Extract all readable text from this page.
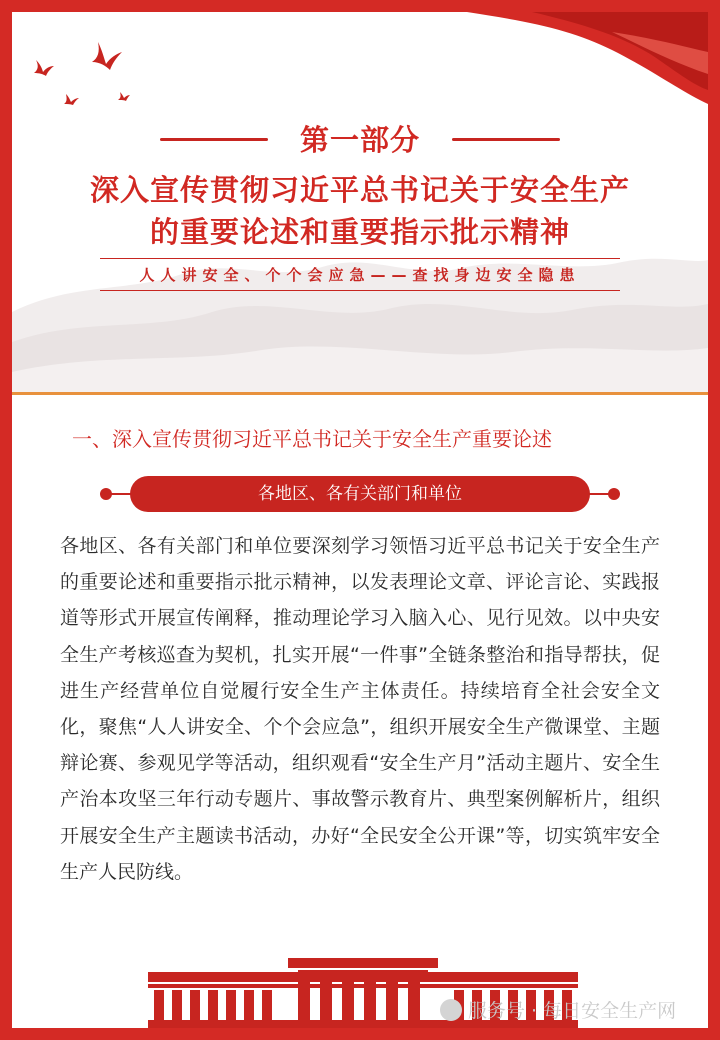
第一部分
深入宣传贯彻习近平总书记关于安全生产
的重要论述和重要指示批示精神
人人讲安全、个个会应急——查找身边安全隐患
一、深入宣传贯彻习近平总书记关于安全生产重要论述
各地区、各有关部门和单位

各地区、各有关部门和单位要深刻学习领悟习近平总书记关于安全生产的重要论述和重要指示批示精神，以发表理论文章、评论言论、实践报道等形式开展宣传阐释，推动理论学习入脑入心、见行见效。以中央安全生产考核巡查为契机，扎实开展“一件事”全链条整治和指导帮扶，促进生产经营单位自觉履行安全生产主体责任。持续培育全社会安全文化，聚焦“人人讲安全、个个会应急”，组织开展安全生产微课堂、主题辩论赛、参观见学等活动，组织观看“安全生产月”活动主题片、安全生产治本攻坚三年行动专题片、事故警示教育片、典型案例解析片，组织开展安全生产主题读书活动，办好“全民安全公开课”等，切实筑牢安全生产人民防线。

服务号 · 每日安全生产网
